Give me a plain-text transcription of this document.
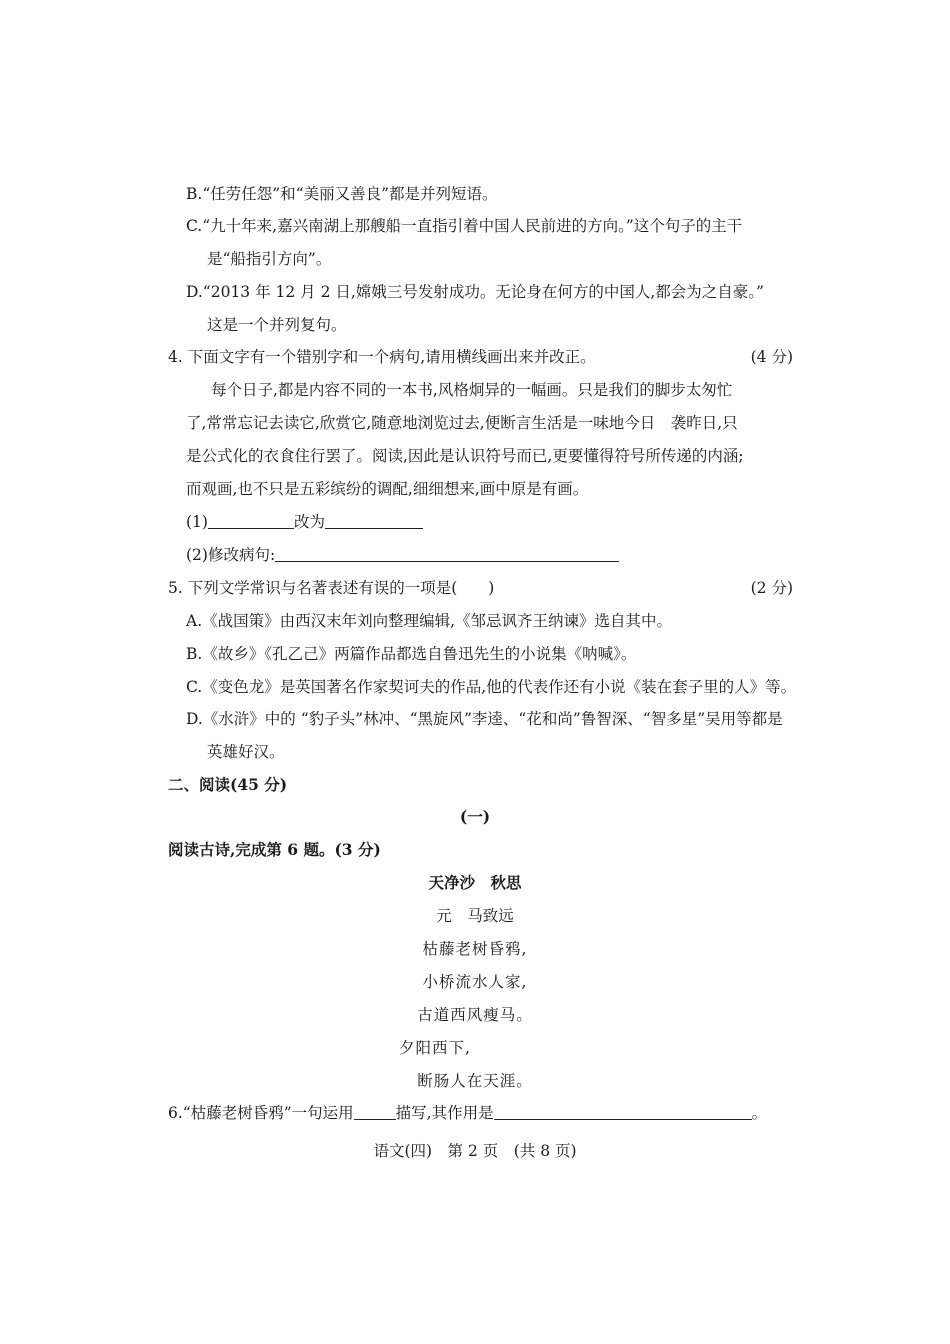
B.“任劳任怨”和“美丽又善良”都是并列短语。
C.“九十年来,嘉兴南湖上那艘船一直指引着中国人民前进的方向。”这个句子的主干
是“船指引方向”。
D.“2013 年 12 月 2 日,嫦娥三号发射成功。无论身在何方的中国人,都会为之自豪。”
这是一个并列复句。
4. 下面文字有一个错别字和一个病句,请用横线画出来并改正。	(4 分)
每个日子,都是内容不同的一本书,风格炯异的一幅画。只是我们的脚步太匆忙
了,常常忘记去读它,欣赏它,随意地浏览过去,便断言生活是一味地今日　袭昨日,只
是公式化的衣食住行罢了。阅读,因此是认识符号而已,更要懂得符号所传递的内涵;
而观画,也不只是五彩缤纷的调配,细细想来,画中原是有画。
(1)	改为
(2)修改病句:
5. 下列文学常识与名著表述有误的一项是(　　)	(2 分)
A.《战国策》由西汉末年刘向整理编辑,《邹忌讽齐王纳谏》选自其中。
B.《故乡》《孔乙己》两篇作品都选自鲁迅先生的小说集《呐喊》。
C.《变色龙》是英国著名作家契诃夫的作品,他的代表作还有小说《装在套子里的人》等。
D.《水浒》中的 “豹子头”林冲、“黑旋风”李逵、“花和尚”鲁智深、“智多星”吴用等都是
英雄好汉。
二、阅读(45 分)
(一)
阅读古诗,完成第 6 题。(3 分)
天净沙　秋思
元　马致远
枯藤老树昏鸦,
小桥流水人家,
古道西风瘦马。
夕阳西下,
断肠人在天涯。
6.“枯藤老树昏鸦”一句运用	描写,其作用是	。
语文(四)　第 2 页　(共 8 页)
